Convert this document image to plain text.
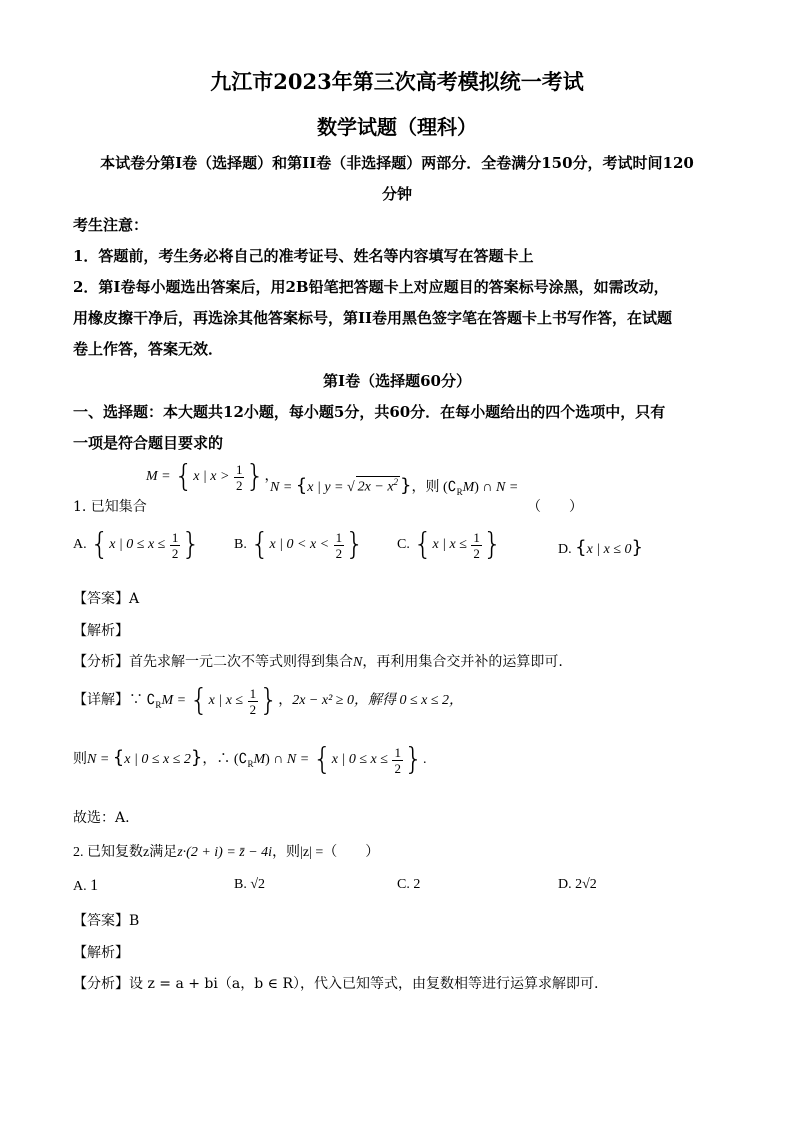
九江市2023年第三次高考模拟统一考试
数学试题（理科）
本试卷分第I卷（选择题）和第II卷（非选择题）两部分．全卷满分150分，考试时间120
分钟
考生注意：
1．答题前，考生务必将自己的准考证号、姓名等内容填写在答题卡上
2．第I卷每小题选出答案后，用2B铅笔把答题卡上对应题目的答案标号涂黑，如需改动，
用橡皮擦干净后，再选涂其他答案标号，第II卷用黑色签字笔在答题卡上书写作答，在试题
卷上作答，答案无效．
第I卷（选择题60分）
一、选择题：本大题共12小题，每小题5分，共60分．在每小题给出的四个选项中，只有
一项是符合题目要求的
1. 已知集合
M = {x | $x > \frac{1}{2}$ }，
N = {x | y = √ $2x - x^2$ }，则 $(∁_RM)$ ∩ N =
（　　）
A. {x | $0 \le x \le \frac{1}{2}$ } B. {x | $0 < x < \frac{1}{2}$ } C. {x | $x \le \frac{1}{2}$ }	D. {x | x ≤ 0}
【答案】A
【解析】
【分析】首先求解一元二次不等式则得到集合N，再利用集合交并补的运算即可.
【详解】∵ $∁_RM = \{x$ | $x \le \frac{1}{2}$ }，2x − x² ≥ 0，解得 0 ≤ x ≤ 2，
则N = {x | 0 ≤ x ≤ 2}，∴ $(∁_RM)$ ∩ N = {x | $0 \le x \le \frac{1}{2}$ }.
故选：A.
2. 已知复数z满足z·(2 + i) = z̄ − 4i，则|z| =（　　）
A. 1	B. √2	C. 2	D. 2√2
【答案】B
【解析】
【分析】设 z = a + bi（a，b ∈ R），代入已知等式，由复数相等进行运算求解即可.
